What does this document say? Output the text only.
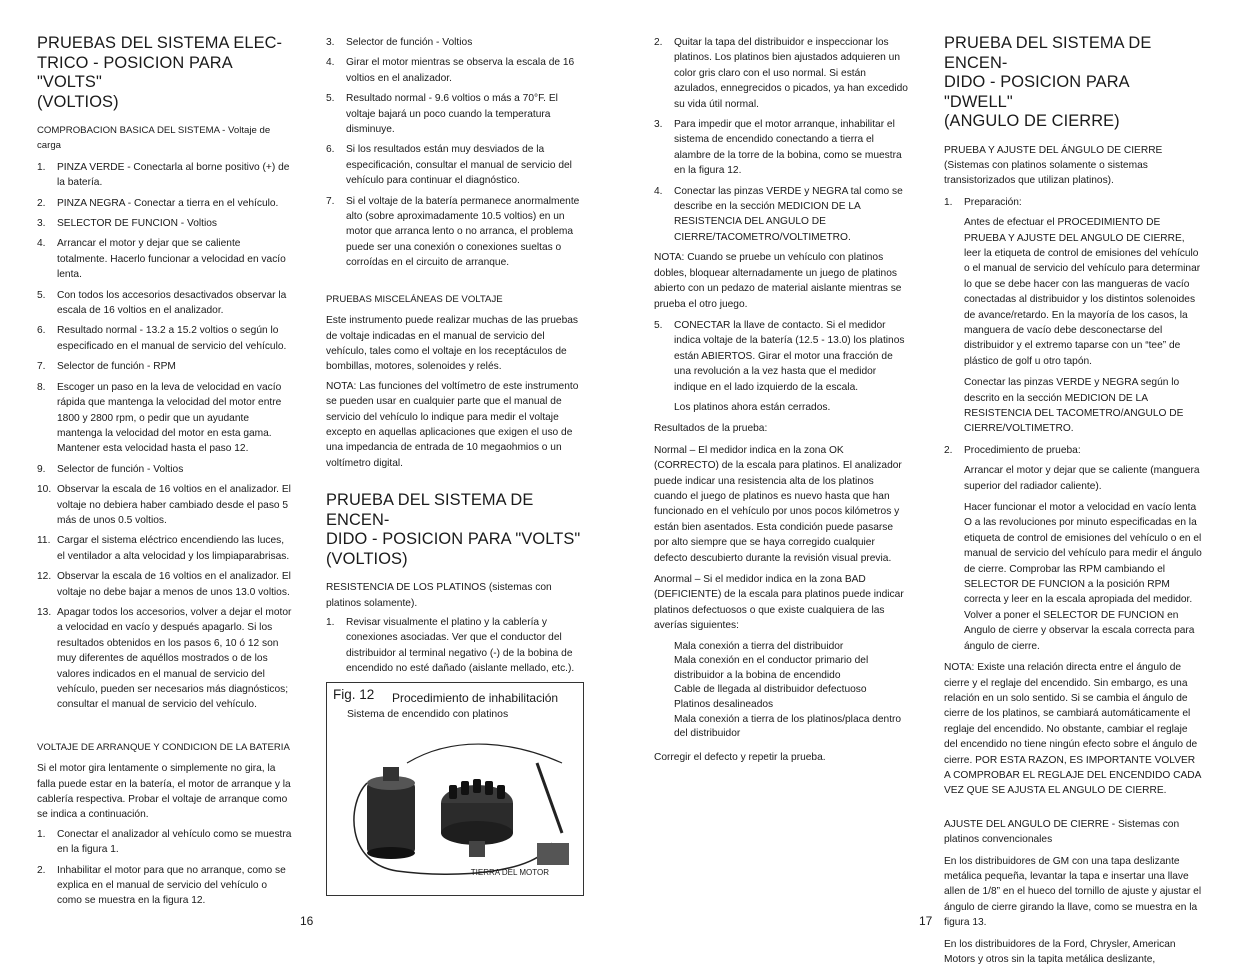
PRUEBAS DEL SISTEMA ELEC-
TRICO - POSICION PARA "VOLTS"
(VOLTIOS)

COMPROBACION BASICA DEL SISTEMA - Voltaje de carga

1. PINZA VERDE - Conectarla al borne positivo (+) de la batería.
2. PINZA NEGRA - Conectar a tierra en el vehículo.
3. SELECTOR DE FUNCION - Voltios
4. Arrancar el motor y dejar que se caliente totalmente. Hacerlo funcionar a velocidad en vacío lenta.
5. Con todos los accesorios desactivados observar la escala de 16 voltios en el analizador.
6. Resultado normal - 13.2 a 15.2 voltios o según lo especificado en el manual de servicio del vehículo.
7. Selector de función - RPM
8. Escoger un paso en la leva de velocidad en vacío rápida que mantenga la velocidad del motor entre 1800 y 2800 rpm, o pedir que un ayudante mantenga la velocidad del motor en esta gama. Mantener esta velocidad hasta el paso 12.
9. Selector de función - Voltios
10. Observar la escala de 16 voltios en el analizador. El voltaje no debiera haber cambiado desde el paso 5 más de unos 0.5 voltios.
11. Cargar el sistema eléctrico encendiendo las luces, el ventilador a alta velocidad y los limpiaparabrisas.
12. Observar la escala de 16 voltios en el analizador. El voltaje no debe bajar a menos de unos 13.0 voltios.
13. Apagar todos los accesorios, volver a dejar el motor a velocidad en vacío y después apagarlo. Si los resultados obtenidos en los pasos 6, 10 ó 12 son muy diferentes de aquéllos mostrados o de los valores indicados en el manual de servicio del vehículo, pueden ser necesarios más diagnósticos; consultar el manual de servicio del vehículo.

VOLTAJE DE ARRANQUE Y CONDICION DE LA BATERIA

Si el motor gira lentamente o simplemente no gira, la falla puede estar en la batería, el motor de arranque y la cablería respectiva. Probar el voltaje de arranque como se indica a continuación.

1. Conectar el analizador al vehículo como se muestra en la figura 1.
2. Inhabilitar el motor para que no arranque, como se explica en el manual de servicio del vehículo o como se muestra en la figura 12.
3. Selector de función - Voltios
4. Girar el motor mientras se observa la escala de 16 voltios en el analizador.
5. Resultado normal - 9.6 voltios o más a 70°F. El voltaje bajará un poco cuando la temperatura disminuye.
6. Si los resultados están muy desviados de la especificación, consultar el manual de servicio del vehículo para continuar el diagnóstico.
7. Si el voltaje de la batería permanece anormalmente alto (sobre aproximadamente 10.5 voltios) en un motor que arranca lento o no arranca, el problema puede ser una conexión o conexiones sueltas o corroídas en el circuito de arranque.

PRUEBAS MISCELÁNEAS DE VOLTAJE

Este instrumento puede realizar muchas de las pruebas de voltaje indicadas en el manual de servicio del vehículo, tales como el voltaje en los receptáculos de bombillas, motores, solenoides y relés.

NOTA: Las funciones del voltímetro de este instrumento se pueden usar en cualquier parte que el manual de servicio del vehículo lo indique para medir el voltaje excepto en aquellas aplicaciones que exigen el uso de una impedancia de entrada de 10 megaohmios o un voltímetro digital.

PRUEBA DEL SISTEMA DE ENCEN-
DIDO - POSICION PARA "VOLTS"
(VOLTIOS)

RESISTENCIA DE LOS PLATINOS (sistemas con platinos solamente).

1. Revisar visualmente el platino y la cablería y conexiones asociadas. Ver que el conductor del distribuidor al terminal negativo (-) de la bobina de encendido no esté dañado (aislante mellado, etc.).
Fig. 12 Procedimiento de inhabilitación
Sistema de encendido con platinos
TIERRA DEL MOTOR
2. Quitar la tapa del distribuidor e inspeccionar los platinos. Los platinos bien ajustados adquieren un color gris claro con el uso normal. Si están azulados, ennegrecidos o picados, ya han excedido su vida útil normal.
3. Para impedir que el motor arranque, inhabilitar el sistema de encendido conectando a tierra el alambre de la torre de la bobina, como se muestra en la figura 12.
4. Conectar las pinzas VERDE y NEGRA tal como se describe en la sección MEDICION DE LA RESISTENCIA DEL ANGULO DE CIERRE/TACOMETRO/VOLTIMETRO.

NOTA: Cuando se pruebe un vehículo con platinos dobles, bloquear alternadamente un juego de platinos abierto con un pedazo de material aislante mientras se prueba el otro juego.

5. CONECTAR la llave de contacto. Si el medidor indica voltaje de la batería (12.5 - 13.0) los platinos están ABIERTOS. Girar el motor una fracción de una revolución a la vez hasta que el medidor indique en el lado izquierdo de la escala.

Los platinos ahora están cerrados.

Resultados de la prueba:

Normal – El medidor indica en la zona OK (CORRECTO) de la escala para platinos. El analizador puede indicar una resistencia alta de los platinos cuando el juego de platinos es nuevo hasta que han funcionado en el vehículo por unos pocos kilómetros y están bien asentados. Esta condición puede pasarse por alto siempre que se haya corregido cualquier defecto descubierto durante la revisión visual previa.

Anormal – Si el medidor indica en la zona BAD (DEFICIENTE) de la escala para platinos puede indicar platinos defectuosos o que existe cualquiera de las averías siguientes:

Mala conexión a tierra del distribuidor
Mala conexión en el conductor primario del distribuidor a la bobina de encendido
Cable de llegada al distribuidor defectuoso
Platinos desalineados
Mala conexión a tierra de los platinos/placa dentro del distribuidor

Corregir el defecto y repetir la prueba.

PRUEBA DEL SISTEMA DE ENCEN-
DIDO - POSICION PARA "DWELL"
(ANGULO DE CIERRE)

PRUEBA Y AJUSTE DEL ÁNGULO DE CIERRE (Sistemas con platinos solamente o sistemas transistorizados que utilizan platinos).

1. Preparación:

Antes de efectuar el PROCEDIMIENTO DE PRUEBA Y AJUSTE DEL ANGULO DE CIERRE, leer la etiqueta de control de emisiones del vehículo o el manual de servicio del vehículo para determinar lo que se debe hacer con las mangueras de vacío conectadas al distribuidor y los distintos solenoides de avance/retardo. En la mayoría de los casos, la manguera de vacío debe desconectarse del distribuidor y el extremo taparse con un “tee” de plástico de golf u otro tapón.

Conectar las pinzas VERDE y NEGRA según lo descrito en la sección MEDICION DE LA RESISTENCIA DEL TACOMETRO/ANGULO DE CIERRE/VOLTIMETRO.

2. Procedimiento de prueba:

Arrancar el motor y dejar que se caliente (manguera superior del radiador caliente).

Hacer funcionar el motor a velocidad en vacío lenta O a las revoluciones por minuto especificadas en la etiqueta de control de emisiones del vehículo o en el manual de servicio del vehículo para medir el ángulo de cierre. Comprobar las RPM cambiando el SELECTOR DE FUNCION a la posición RPM correcta y leer en la escala apropiada del medidor. Volver a poner el SELECTOR DE FUNCION en Angulo de cierre y observar la escala correcta para ángulo de cierre.

NOTA: Existe una relación directa entre el ángulo de cierre y el reglaje del encendido. Sin embargo, es una relación en un solo sentido. Si se cambia el ángulo de cierre de los platinos, se cambiará automáticamente el reglaje del encendido. No obstante, cambiar el reglaje del encendido no tiene ningún efecto sobre el ángulo de cierre. POR ESTA RAZON, ES IMPORTANTE VOLVER A COMPROBAR EL REGLAJE DEL ENCENDIDO CADA VEZ QUE SE AJUSTA EL ANGULO DE CIERRE.

AJUSTE DEL ANGULO DE CIERRE - Sistemas con platinos convencionales

En los distribuidores de GM con una tapa deslizante metálica pequeña, levantar la tapa e insertar una llave allen de 1/8” en el hueco del tornillo de ajuste y ajustar el ángulo de cierre girando la llave, como se muestra en la figura 13.

En los distribuidores de la Ford, Chrysler, American Motors y otros sin la tapita metálica deslizante,

16	17
